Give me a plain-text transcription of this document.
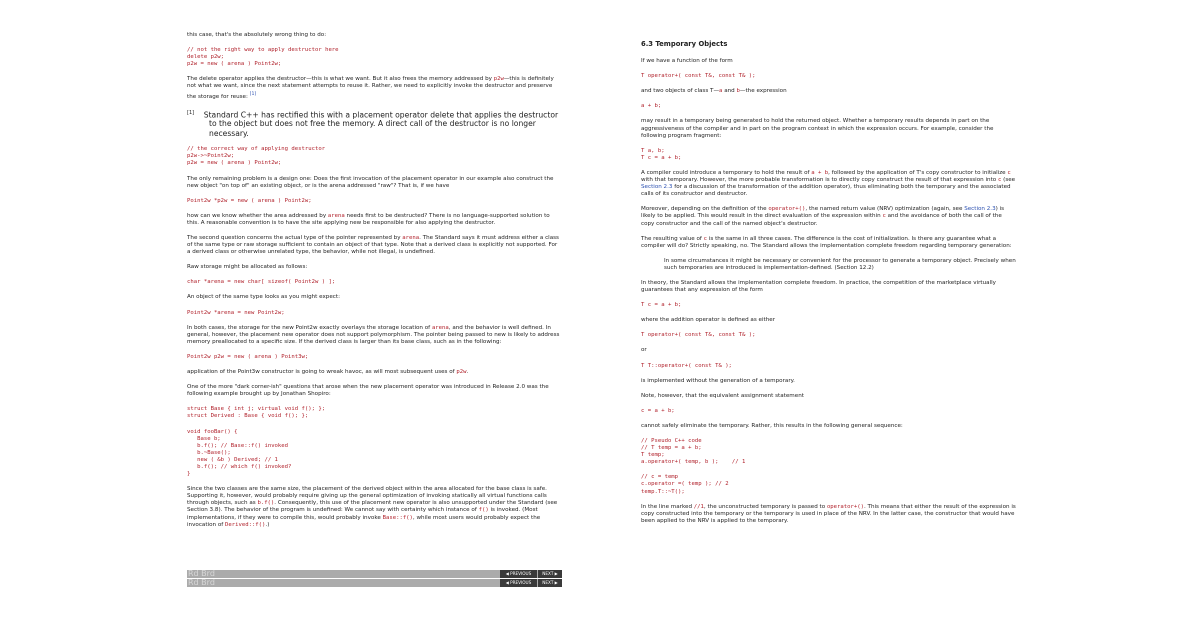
this case, that's the absolutely wrong thing to do:
// not the right way to apply destructor here
delete p2w;
p2w = new ( arena ) Point2w;
The delete operator applies the destructor—this is what we want. But it also frees the memory addressed by p2w—this is definitely not what we want, since the next statement attempts to reuse it. Rather, we need to explicitly invoke the destructor and preserve the storage for reuse: [1]
[1] Standard C++ has rectified this with a placement operator delete that applies the destructor to the object but does not free the memory. A direct call of the destructor is no longer necessary.
// the correct way of applying destructor
p2w->~Point2w;
p2w = new ( arena ) Point2w;
The only remaining problem is a design one: Does the first invocation of the placement operator in our example also construct the new object "on top of" an existing object, or is the arena addressed "raw"? That is, if we have
Point2w *p2w = new ( arena ) Point2w;
how can we know whether the area addressed by arena needs first to be destructed? There is no language-supported solution to this. A reasonable convention is to have the site applying new be responsible for also applying the destructor.
The second question concerns the actual type of the pointer represented by arena. The Standard says it must address either a class of the same type or raw storage sufficient to contain an object of that type. Note that a derived class is explicitly not supported. For a derived class or otherwise unrelated type, the behavior, while not illegal, is undefined.
Raw storage might be allocated as follows:
char *arena = new char[ sizeof( Point2w ) ];
An object of the same type looks as you might expect:
Point2w *arena = new Point2w;
In both cases, the storage for the new Point2w exactly overlays the storage location of arena, and the behavior is well defined. In general, however, the placement new operator does not support polymorphism. The pointer being passed to new is likely to address memory preallocated to a specific size. If the derived class is larger than its base class, such as in the following:
Point2w p2w = new ( arena ) Point3w;
application of the Point3w constructor is going to wreak havoc, as will most subsequent uses of p2w.
One of the more "dark corner-ish" questions that arose when the new placement operator was introduced in Release 2.0 was the following example brought up by Jonathan Shopiro:
struct Base { int j; virtual void f(); };
struct Derived : Base { void f(); };
void fooBar() {
Base b;
b.f(); // Base::f() invoked
b.~Base();
new ( &b ) Derived; // 1
b.f(); // which f() invoked?
}
Since the two classes are the same size, the placement of the derived object within the area allocated for the base class is safe. Supporting it, however, would probably require giving up the general optimization of invoking statically all virtual functions calls through objects, such as b.f(). Consequently, this use of the placement new operator is also unsupported under the Standard (see Section 3.8). The behavior of the program is undefined: We cannot say with certainty which instance of f() is invoked. (Most implementations, if they were to compile this, would probably invoke Base::f(), while most users would probably expect the invocation of Derived::f().)
Rd Brd	◀ PREVIOUS	NEXT ▶
Rd Brd	◀ PREVIOUS	NEXT ▶
6.3 Temporary Objects
If we have a function of the form
T operator+( const T&, const T& );
and two objects of class T—a and b—the expression
a + b;
may result in a temporary being generated to hold the returned object. Whether a temporary results depends in part on the aggressiveness of the compiler and in part on the program context in which the expression occurs. For example, consider the following program fragment:
T a, b;
T c = a + b;
A compiler could introduce a temporary to hold the result of a + b, followed by the application of T's copy constructor to initialize c with that temporary. However, the more probable transformation is to directly copy construct the result of that expression into c (see Section 2.3 for a discussion of the transformation of the addition operator), thus eliminating both the temporary and the associated calls of its constructor and destructor.
Moreover, depending on the definition of the operator+(), the named return value (NRV) optimization (again, see Section 2.3) is likely to be applied. This would result in the direct evaluation of the expression within c and the avoidance of both the call of the copy constructor and the call of the named object's destructor.
The resulting value of c is the same in all three cases. The difference is the cost of initialization. Is there any guarantee what a compiler will do? Strictly speaking, no. The Standard allows the implementation complete freedom regarding temporary generation:
In some circumstances it might be necessary or convenient for the processor to generate a temporary object. Precisely when such temporaries are introduced is implementation-defined. (Section 12.2)
In theory, the Standard allows the implementation complete freedom. In practice, the competition of the marketplace virtually guarantees that any expression of the form
T c = a + b;
where the addition operator is defined as either
T operator+( const T&, const T& );
or
T T::operator+( const T& );
is implemented without the generation of a temporary.
Note, however, that the equivalent assignment statement
c = a + b;
cannot safely eliminate the temporary. Rather, this results in the following general sequence:
// Pseudo C++ code
// T temp = a + b;
T temp;
a.operator+( temp, b );    // 1
// c = temp
c.operator =( temp ); // 2
temp.T::~T();
In the line marked //1, the unconstructed temporary is passed to operator+(). This means that either the result of the expression is copy constructed into the temporary or the temporary is used in place of the NRV. In the latter case, the constructor that would have been applied to the NRV is applied to the temporary.
